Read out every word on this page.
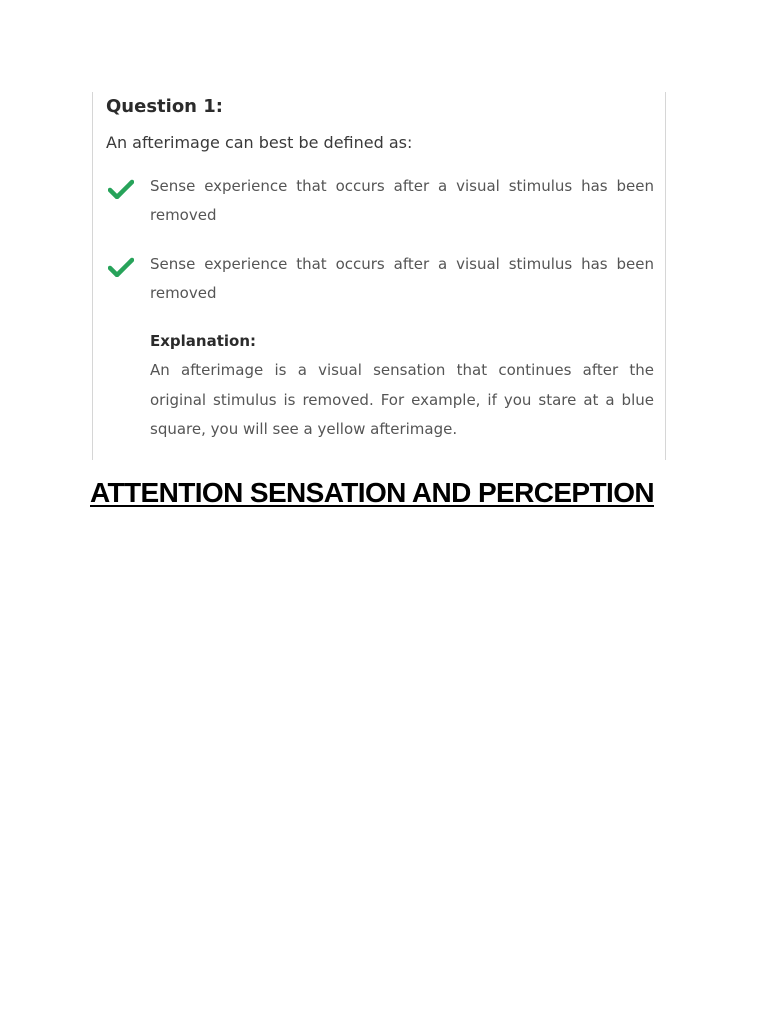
Question 1:
An afterimage can best be defined as:
Sense experience that occurs after a visual stimulus has been removed
Sense experience that occurs after a visual stimulus has been removed
Explanation:
An afterimage is a visual sensation that continues after the original stimulus is removed. For example, if you stare at a blue square, you will see a yellow afterimage.
ATTENTION SENSATION AND PERCEPTION
